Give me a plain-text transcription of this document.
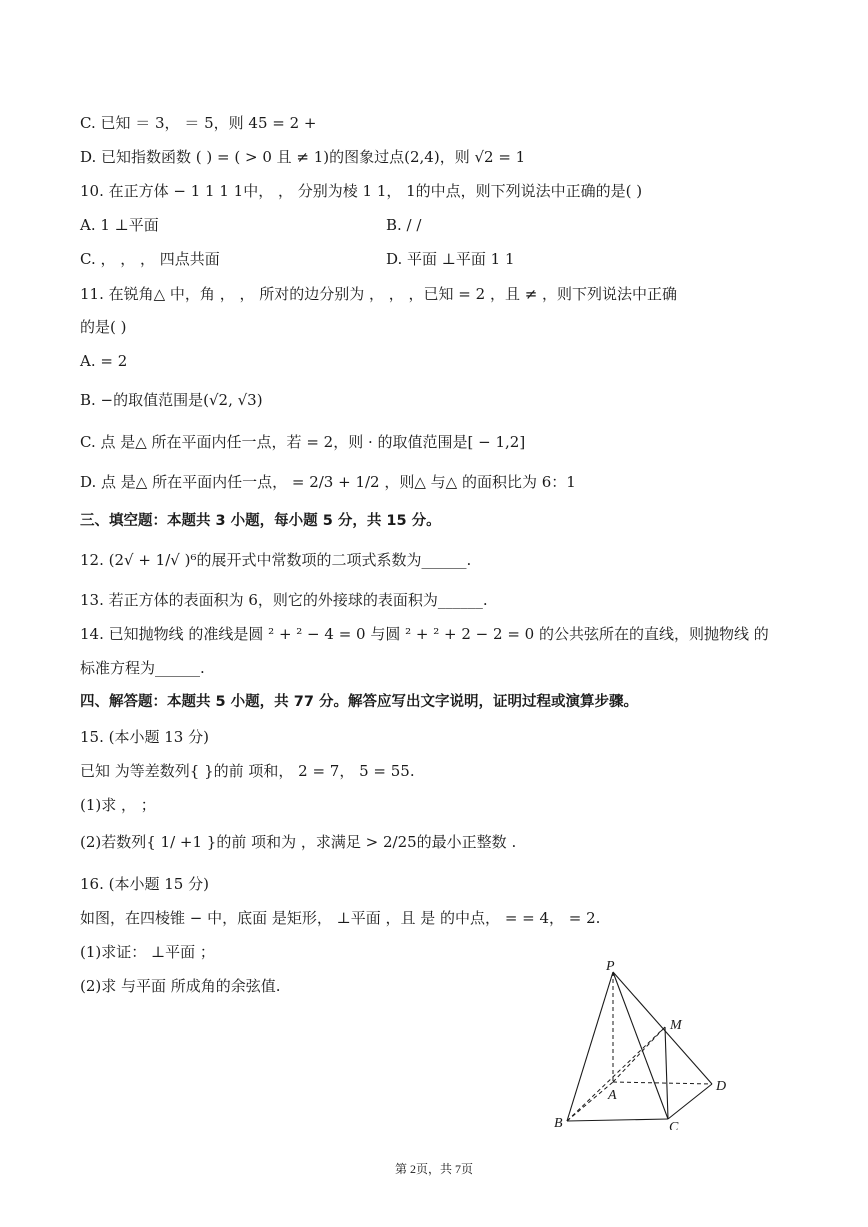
C. 已知 ＝ 3， ＝ 5，则 45 = 2 +
D. 已知指数函数 ( ) = ( > 0 且 ≠ 1)的图象过点(2,4)，则 √2 = 1
10. 在正方体 − 1 1 1 1中， ， 分别为棱 1 1， 1的中点，则下列说法中正确的是( )
A. 1 ⊥平面	B. / /
C. ， ， ， 四点共面	D. 平面 ⊥平面 1 1
11. 在锐角△ 中，角 ， ， 所对的边分别为 ， ， ，已知 = 2 ，且 ≠ ，则下列说法中正确
的是( )
A. = 2
B. −的取值范围是(√2, √3)
C. 点 是△ 所在平面内任一点，若 = 2，则 · 的取值范围是[ − 1,2]
D. 点 是△ 所在平面内任一点， = 2/3 + 1/2 ，则△ 与△ 的面积比为 6：1
三、填空题：本题共 3 小题，每小题 5 分，共 15 分。
12. (2√ + 1/√ )⁶的展开式中常数项的二项式系数为______.
13. 若正方体的表面积为 6，则它的外接球的表面积为______.
14. 已知抛物线 的准线是圆 ² + ² − 4 = 0 与圆 ² + ² + 2 − 2 = 0 的公共弦所在的直线，则抛物线 的
标准方程为______.
四、解答题：本题共 5 小题，共 77 分。解答应写出文字说明，证明过程或演算步骤。
15. (本小题 13 分)
已知 为等差数列{ }的前 项和， 2 = 7， 5 = 55.
(1)求 ， ；
(2)若数列{ 1/ +1 }的前 项和为 ，求满足 > 2/25的最小正整数 .
16. (本小题 15 分)
如图，在四棱锥 − 中，底面 是矩形， ⊥平面 ，且 是 的中点， = = 4， = 2.
(1)求证： ⊥平面 ；
(2)求 与平面 所成角的余弦值.
P
M
D
A
B	C
第 2页，共 7页
